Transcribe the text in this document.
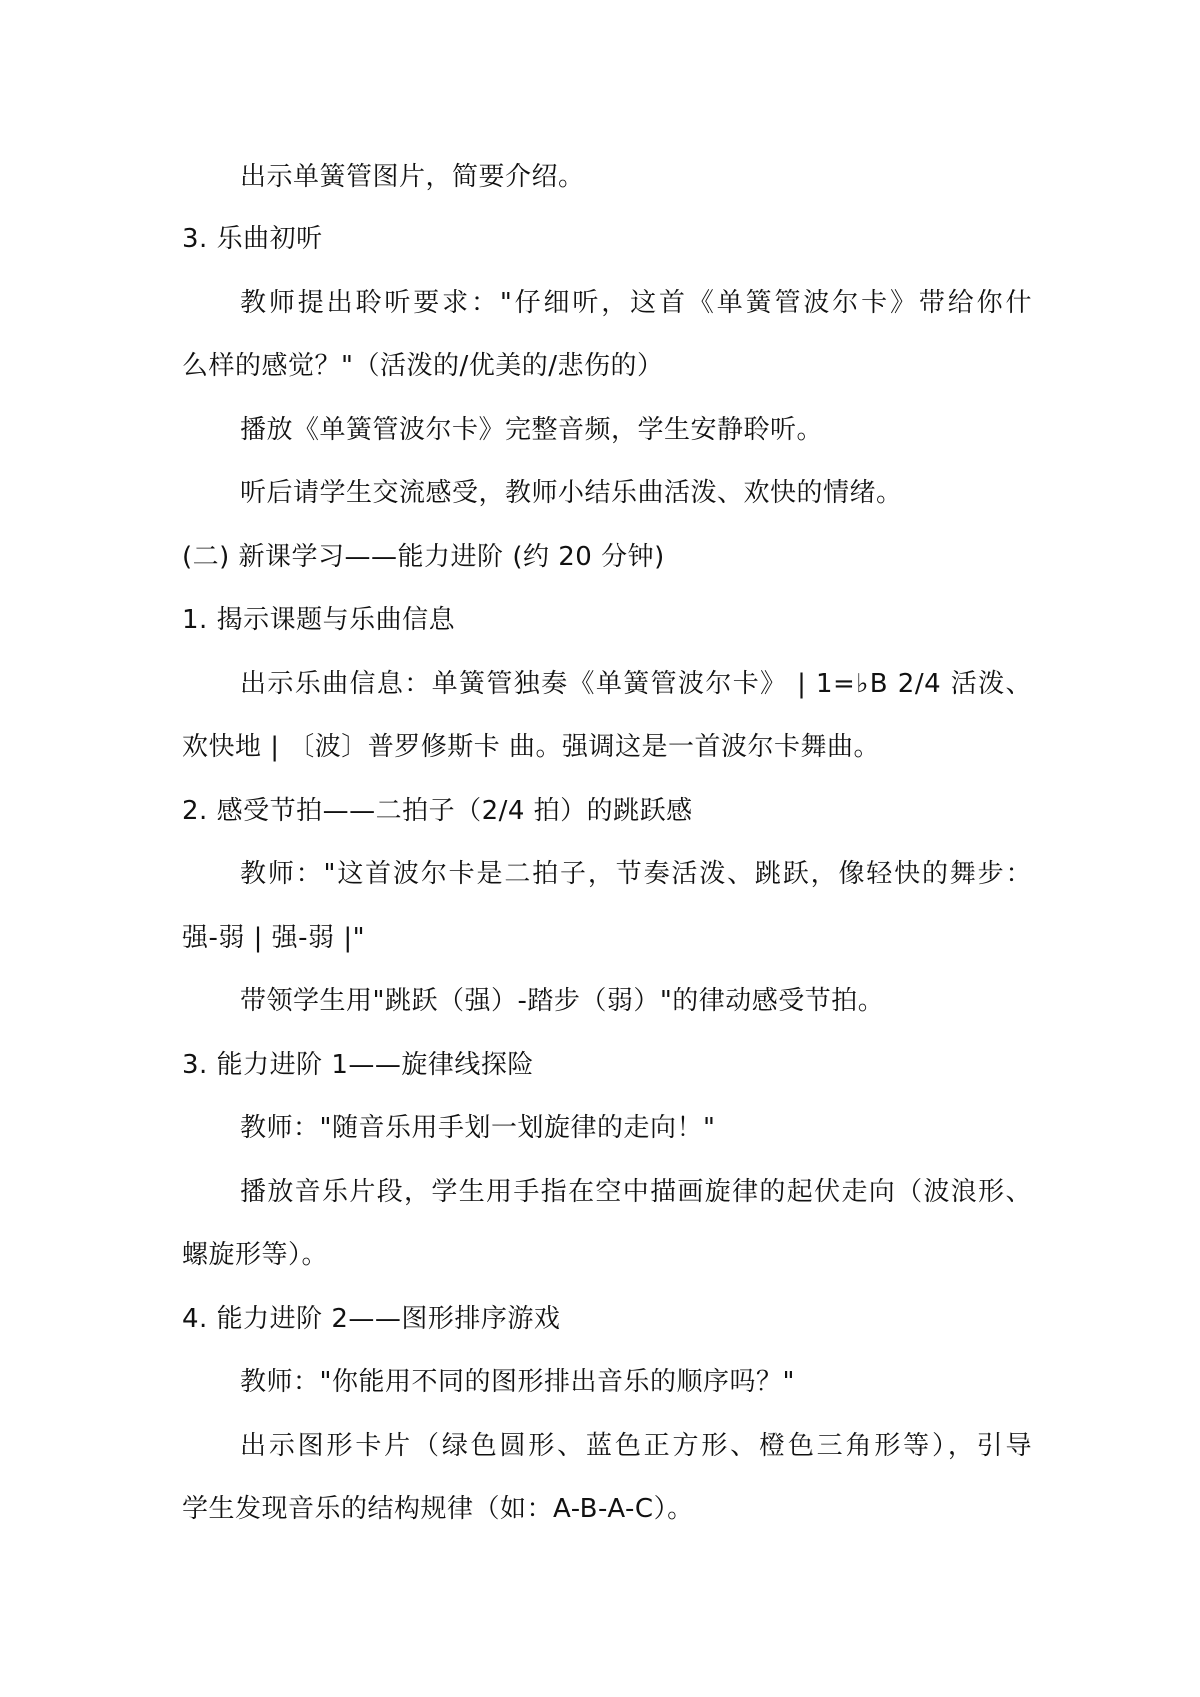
出示单簧管图片，简要介绍。
3. 乐曲初听
教师提出聆听要求："仔细听，这首《单簧管波尔卡》带给你什
么样的感觉？"（活泼的/优美的/悲伤的）
播放《单簧管波尔卡》完整音频，学生安静聆听。
听后请学生交流感受，教师小结乐曲活泼、欢快的情绪。
(二) 新课学习——能力进阶 (约 20 分钟)
1. 揭示课题与乐曲信息
出示乐曲信息：单簧管独奏《单簧管波尔卡》 | 1=♭B 2/4 活泼、
欢快地 | 〔波〕普罗修斯卡 曲。强调这是一首波尔卡舞曲。
2. 感受节拍——二拍子（2/4 拍）的跳跃感
教师："这首波尔卡是二拍子，节奏活泼、跳跃，像轻快的舞步：
强-弱 | 强-弱 |"
带领学生用"跳跃（强）-踏步（弱）"的律动感受节拍。
3. 能力进阶 1——旋律线探险
教师："随音乐用手划一划旋律的走向！"
播放音乐片段，学生用手指在空中描画旋律的起伏走向（波浪形、
螺旋形等）。
4. 能力进阶 2——图形排序游戏
教师："你能用不同的图形排出音乐的顺序吗？"
出示图形卡片（绿色圆形、蓝色正方形、橙色三角形等），引导
学生发现音乐的结构规律（如：A-B-A-C）。
